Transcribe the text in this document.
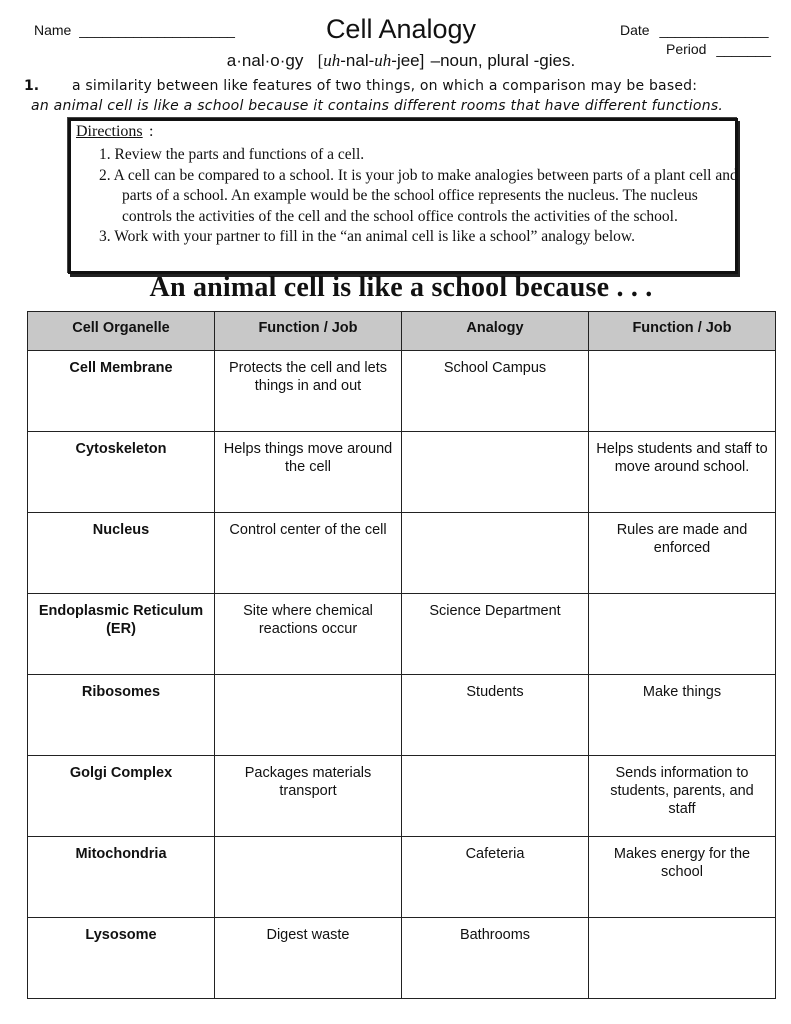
Name ____________________	Cell Analogy	Date ______________
Period _______
a·nal·o·gy [uh-nal-uh-jee] –noun, plural -gies.
1. a similarity between like features of two things, on which a comparison may be based:
an animal cell is like a school because it contains different rooms that have different functions.
Directions :
1. Review the parts and functions of a cell.
2. A cell can be compared to a school. It is your job to make analogies between parts of a plant cell and parts of a school. An example would be the school office represents the nucleus. The nucleus controls the activities of the cell and the school office controls the activities of the school.
3. Work with your partner to fill in the “an animal cell is like a school” analogy below.
An animal cell is like a school because . . .
Cell Organelle	Function / Job	Analogy	Function / Job
Cell Membrane	Protects the cell and lets things in and out	School Campus	
Cytoskeleton	Helps things move around the cell		Helps students and staff to move around school.
Nucleus	Control center of the cell		Rules are made and enforced
Endoplasmic Reticulum (ER)	Site where chemical reactions occur	Science Department	
Ribosomes		Students	Make things
Golgi Complex	Packages materials transport		Sends information to students, parents, and staff
Mitochondria		Cafeteria	Makes energy for the school
Lysosome	Digest waste	Bathrooms	
